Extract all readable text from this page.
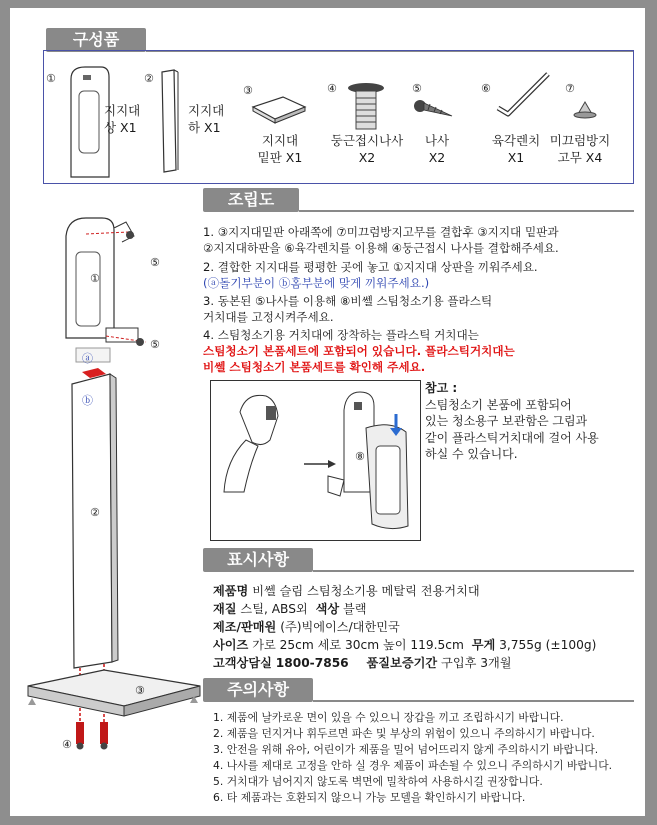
구성품
①
지지대
상 X1
②
지지대
하 X1
③
지지대
밑판 X1
④
둥근접시나사
X2
⑤
나사
X2
⑥
육각렌치
X1
⑦
미끄럼방지
고무 X4
①
⑤
⑤
ⓐ
ⓑ
②
③
④
조립도
1. ③지지대밑판 아래쪽에 ⑦미끄럼방지고무를 결합후 ③지지대 밑판과
②지지대하판을 ⑥육각렌치를 이용해 ④둥근접시 나사를 결합해주세요.
2. 결합한 지지대를 평평한 곳에 놓고 ①지지대 상판을 끼워주세요.
(ⓐ돌기부분이 ⓑ홈부분에 맞게 끼워주세요.)
3. 동본된 ⑤나사를 이용해 ⑧비쎌 스팀청소기용 플라스틱
거치대를 고정시켜주세요.
4. 스팀청소기용 거치대에 장착하는 플라스틱 거치대는
스팀청소기 본품세트에 포함되어 있습니다. 플라스틱거치대는
비쎌 스팀청소기 본품세트를 확인해 주세요.
⑧
참고 :
스팀청소기 본품에 포함되어
있는 청소용구 보관함은 그림과
같이 플라스틱거치대에 걸어 사용
하실 수 있습니다.
표시사항
제품명 비쎌 슬림 스팀청소기용 메탈릭 전용거치대
재질 스틸, ABS외 색상 블랙
제조/판매원 (주)빅에이스/대한민국
사이즈 가로 25cm 세로 30cm 높이 119.5cm 무게 3,755g (±100g)
고객상담실 1800-7856 품질보증기간 구입후 3개월
주의사항
1. 제품에 날카로운 면이 있을 수 있으니 장갑을 끼고 조립하시기 바랍니다.
2. 제품을 던지거나 휘두르면 파손 및 부상의 위험이 있으니 주의하시기 바랍니다.
3. 안전을 위해 유아, 어린이가 제품을 밀어 넘어뜨리지 않게 주의하시기 바랍니다.
4. 나사를 제대로 고정을 안하 실 경우 제품이 파손될 수 있으니 주의하시기 바랍니다.
5. 거치대가 넘어지지 않도록 벽면에 밀착하여 사용하시길 권장합니다.
6. 타 제품과는 호환되지 않으니 가능 모델을 확인하시기 바랍니다.
